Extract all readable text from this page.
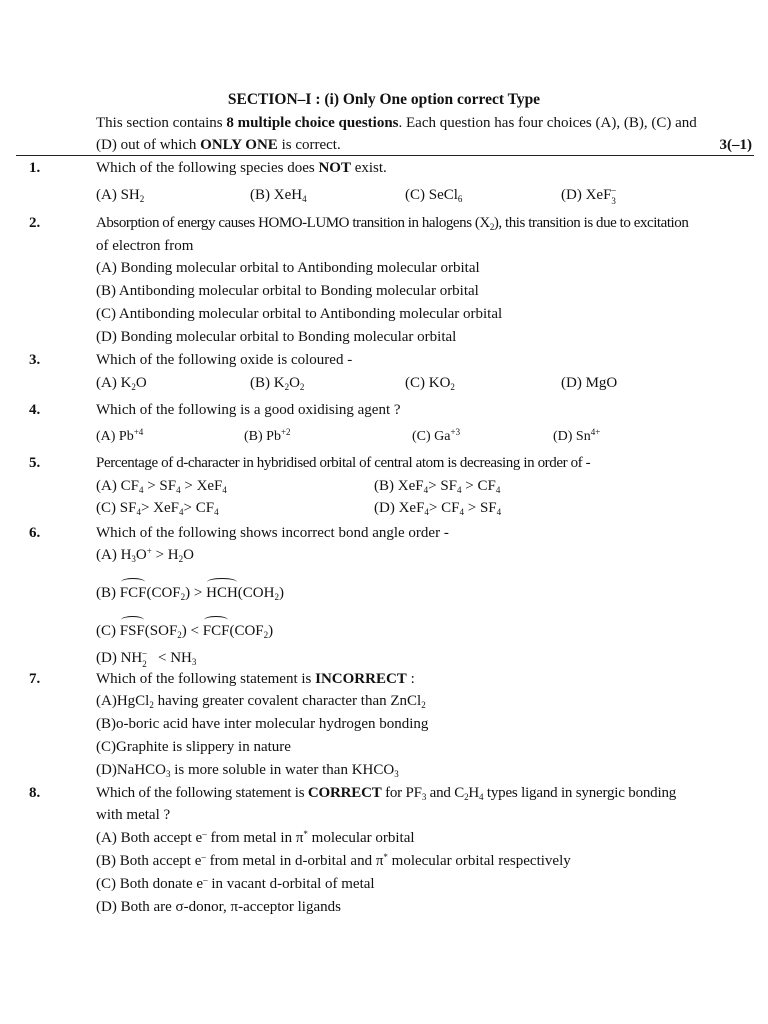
SECTION–I : (i) Only One option correct Type
This section contains 8 multiple choice questions. Each question has four choices (A), (B), (C) and
(D) out of which ONLY ONE is correct.	3(–1)
1.	Which of the following species does NOT exist.
(A) $SH_2$	(B) XeH$_4$	(C) SeCl$_6$	(D) XeF –
3
2.	Absorption of energy causes HOMO-LUMO transition in halogens $(X_2)$, this transition is due to excitation
of electron from
(A) Bonding molecular orbital to Antibonding molecular orbital
(B) Antibonding molecular orbital to Bonding molecular orbital
(C) Antibonding molecular orbital to Antibonding molecular orbital
(D) Bonding molecular orbital to Bonding molecular orbital
3.	Which of the following oxide is coloured -
(A) $K_2O$	(B) $K_2O_2$	(C) $KO_2$	(D) MgO
4.	Which of the following is a good oxidising agent ?
(A) $Pb^{+4}$	(B) $Pb^{+2}$	(C) $Ga^{+3}$	(D) $Sn^{4+}$
5.	Percentage of d-character in hybridised orbital of central atom is decreasing in order of -
(A) $CF_4 > SF_4 > XeF_4$	(B) $XeF_4> SF_4 > CF_4$
(C) $SF_4> XeF_4> CF_4$	(D) $XeF_4> CF_4 > SF_4$
6.	Which of the following shows incorrect bond angle order -
(A) $H_3O^+ > H_2O$
(B) $FCF(COF_2) > HCH(COH_2)$
(C) $FSF(SOF_2) < FCF(COF_2)$
(D) NH –
$2 < NH_3$
7.	Which of the following statement is INCORRECT :
(A)HgCl$_2$ having greater covalent character than ZnCl$_2$
(B)o-boric acid have inter molecular hydrogen bonding
(C)Graphite is slippery in nature
(D)NaHCO$_3$ is more soluble in water than $KHCO_3$
8.	Which of the following statement is CORRECT for $PF_3$ and $C_2H_4$ types ligand in synergic bonding
with metal ?
(A) Both accept e– from metal in π* molecular orbital
(B) Both accept e– from metal in d-orbital and π* molecular orbital respectively
(C) Both donate e– in vacant d-orbital of metal
(D) Both are σ-donor, π-acceptor ligands
